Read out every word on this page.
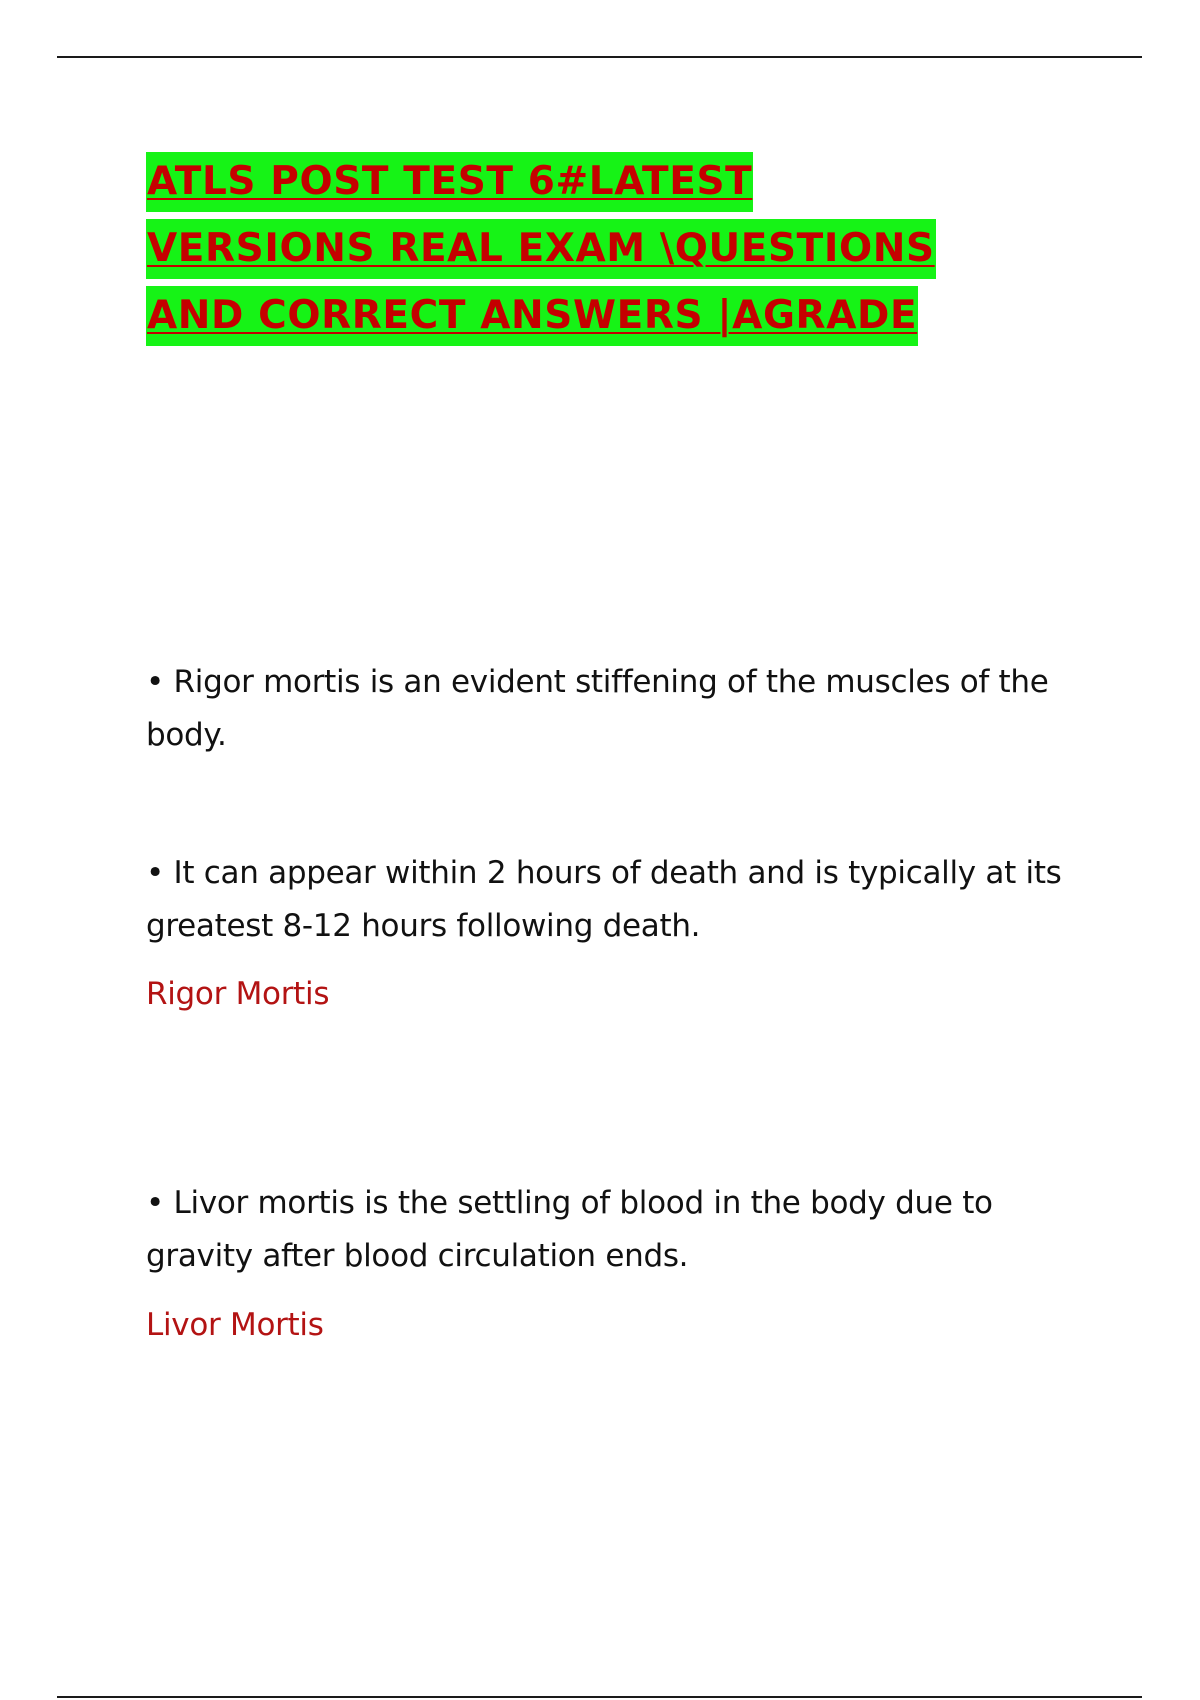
ATLS POST TEST 6#LATEST
VERSIONS REAL EXAM \QUESTIONS
AND CORRECT ANSWERS |AGRADE

• Rigor mortis is an evident stiffening of the muscles of the body.

• It can appear within 2 hours of death and is typically at its greatest 8-12 hours following death.

Rigor Mortis

• Livor mortis is the settling of blood in the body due to gravity after blood circulation ends.

Livor Mortis
